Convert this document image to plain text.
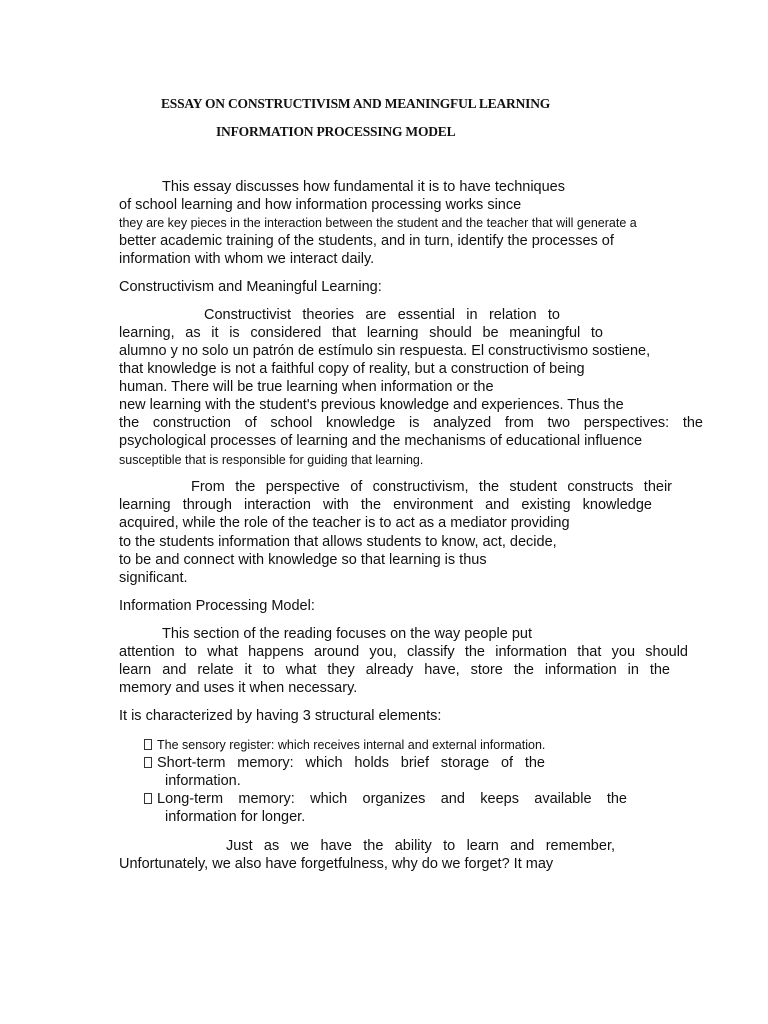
ESSAY ON CONSTRUCTIVISM AND MEANINGFUL LEARNING
INFORMATION PROCESSING MODEL
This essay discusses how fundamental it is to have techniques
of school learning and how information processing works since
they are key pieces in the interaction between the student and the teacher that will generate a
better academic training of the students, and in turn, identify the processes of
information with whom we interact daily.
Constructivism and Meaningful Learning:
Constructivist theories are essential in relation to
learning, as it is considered that learning should be meaningful to
alumno y no solo un patrón de estímulo sin respuesta. El constructivismo sostiene,
that knowledge is not a faithful copy of reality, but a construction of being
human. There will be true learning when information or the
new learning with the student's previous knowledge and experiences. Thus the
the construction of school knowledge is analyzed from two perspectives: the
psychological processes of learning and the mechanisms of educational influence
susceptible that is responsible for guiding that learning.
From the perspective of constructivism, the student constructs their
learning through interaction with the environment and existing knowledge
acquired, while the role of the teacher is to act as a mediator providing
to the students information that allows students to know, act, decide,
to be and connect with knowledge so that learning is thus
significant.
Information Processing Model:
This section of the reading focuses on the way people put
attention to what happens around you, classify the information that you should
learn and relate it to what they already have, store the information in the
memory and uses it when necessary.
It is characterized by having 3 structural elements:
The sensory register: which receives internal and external information.
Short-term memory: which holds brief storage of the
information.
Long-term memory: which organizes and keeps available the
information for longer.
Just as we have the ability to learn and remember,
Unfortunately, we also have forgetfulness, why do we forget? It may
